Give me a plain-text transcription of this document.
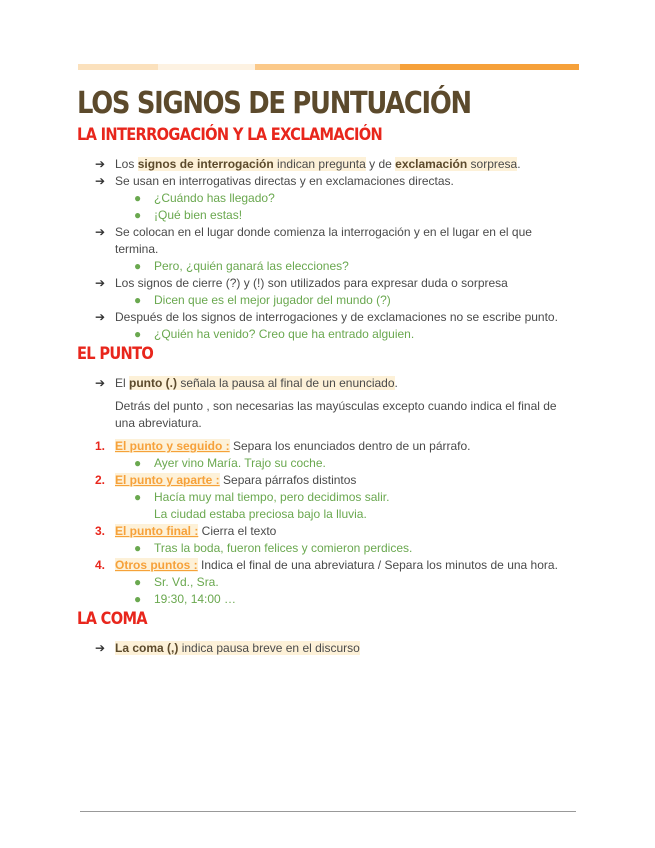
LOS SIGNOS DE PUNTUACIÓN
LA INTERROGACIÓN Y LA EXCLAMACIÓN
➔ Los signos de interrogación indican pregunta y de exclamación sorpresa.
➔ Se usan en interrogativas directas y en exclamaciones directas.
● ¿Cuándo has llegado?
● ¡Qué bien estas!
➔ Se colocan en el lugar donde comienza la interrogación y en el lugar en el que termina.
● Pero, ¿quién ganará las elecciones?
➔ Los signos de cierre (?) y (!) son utilizados para expresar duda o sorpresa
● Dicen que es el mejor jugador del mundo (?)
➔ Después de los signos de interrogaciones y de exclamaciones no se escribe punto.
● ¿Quién ha venido? Creo que ha entrado alguien.
EL PUNTO
➔ El punto (.) señala la pausa al final de un enunciado.
Detrás del punto , son necesarias las mayúsculas excepto cuando indica el final de una abreviatura.
1. El punto y seguido : Separa los enunciados dentro de un párrafo.
● Ayer vino María. Trajo su coche.
2. El punto y aparte : Separa párrafos distintos
● Hacía muy mal tiempo, pero decidimos salir.
La ciudad estaba preciosa bajo la lluvia.
3. El punto final : Cierra el texto
● Tras la boda, fueron felices y comieron perdices.
4. Otros puntos : Indica el final de una abreviatura / Separa los minutos de una hora.
● Sr. Vd., Sra.
● 19:30, 14:00 …
LA COMA
➔ La coma (,) indica pausa breve en el discurso
